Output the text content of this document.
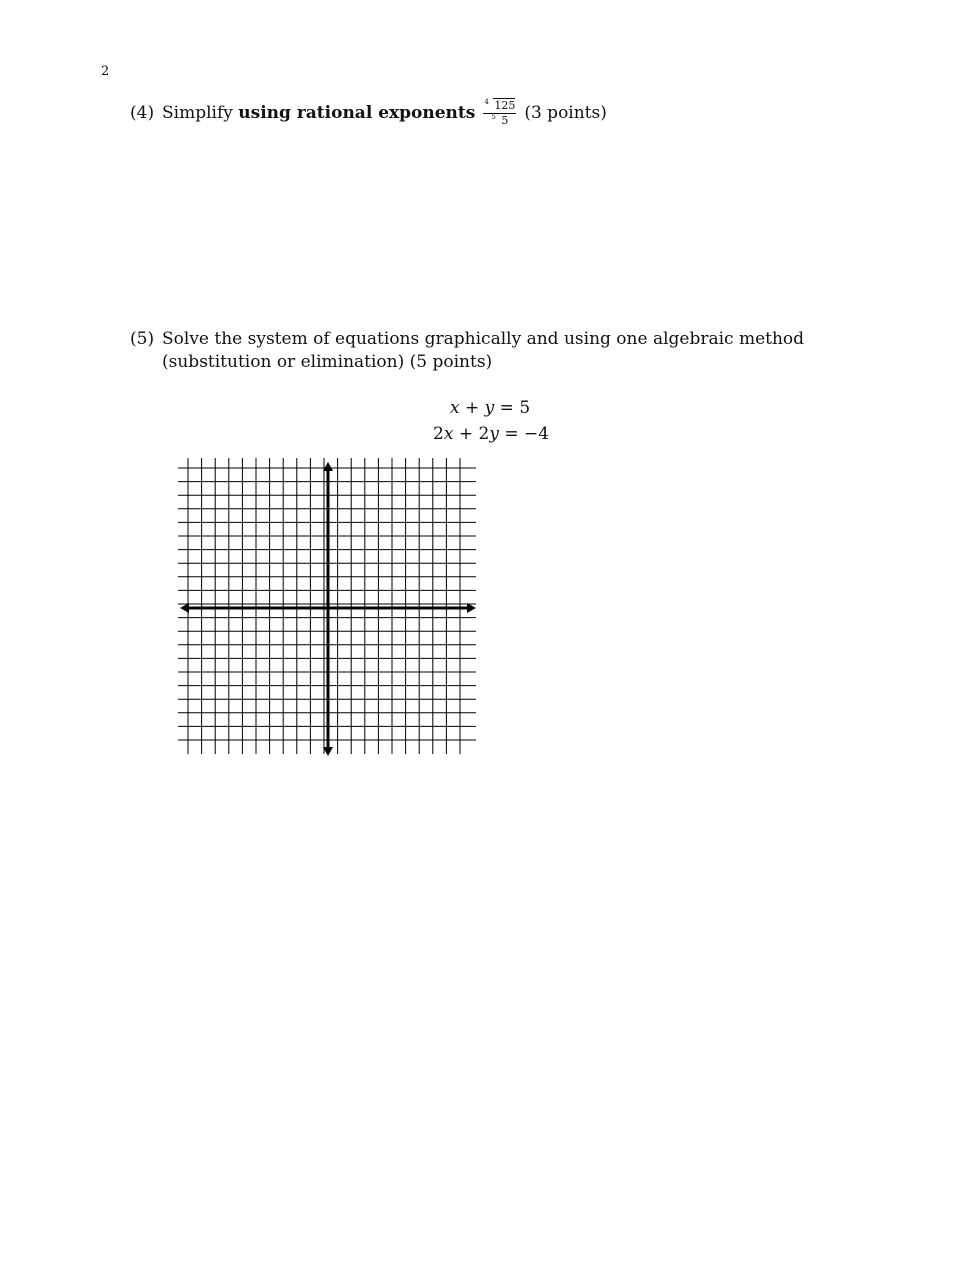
2
(4) Simplify
using rational exponents $\frac{4 125}{5 5} (3$ points)
(5) Solve the system of equations graphically and using one algebraic method (substitution or elimination) (5 points)
x + y = 5
2x + 2y = −4
